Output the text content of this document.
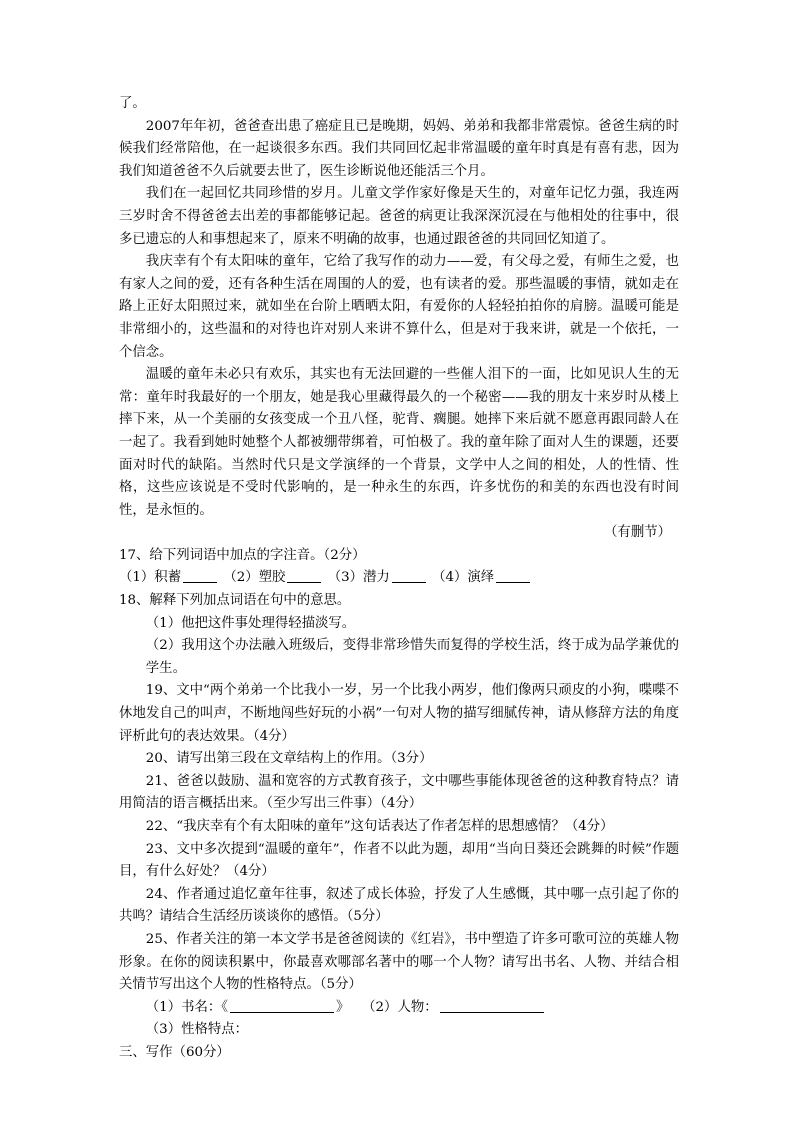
了。

2007年年初，爸爸查出患了癌症且已是晚期，妈妈、弟弟和我都非常震惊。爸爸生病的时候我们经常陪他，在一起谈很多东西。我们共同回忆起非常温暖的童年时真是有喜有悲，因为我们知道爸爸不久后就要去世了，医生诊断说他还能活三个月。

我们在一起回忆共同珍惜的岁月。儿童文学作家好像是天生的，对童年记忆力强，我连两三岁时舍不得爸爸去出差的事都能够记起。爸爸的病更让我深深沉浸在与他相处的往事中，很多已遗忘的人和事想起来了，原来不明确的故事，也通过跟爸爸的共同回忆知道了。

我庆幸有个有太阳味的童年，它给了我写作的动力——爱，有父母之爱，有师生之爱，也有家人之间的爱，还有各种生活在周围的人的爱，也有读者的爱。那些温暖的事情，就如走在路上正好太阳照过来，就如坐在台阶上晒晒太阳，有爱你的人轻轻拍拍你的肩膀。温暖可能是非常细小的，这些温和的对待也许对别人来讲不算什么，但是对于我来讲，就是一个依托，一个信念。

温暖的童年未必只有欢乐，其实也有无法回避的一些催人泪下的一面，比如见识人生的无常：童年时我最好的一个朋友，她是我心里藏得最久的一个秘密——我的朋友十来岁时从楼上摔下来，从一个美丽的女孩变成一个丑八怪，驼背、瘸腿。她摔下来后就不愿意再跟同龄人在一起了。我看到她时她整个人都被绷带绑着，可怕极了。我的童年除了面对人生的课题，还要面对时代的缺陷。当然时代只是文学演绎的一个背景，文学中人之间的相处，人的性情、性格，这些应该说是不受时代影响的，是一种永生的东西，许多忧伤的和美的东西也没有时间性，是永恒的。

（有删节）

17、给下列词语中加点的字注音。（2分）

（1）积蓄	（2）塑胶	（3）潜力	（4）演绎

18、解释下列加点词语在句中的意思。

（1）他把这件事处理得轻描淡写。

（2）我用这个办法融入班级后，变得非常珍惜失而复得的学校生活，终于成为品学兼优的学生。

19、文中“两个弟弟一个比我小一岁，另一个比我小两岁，他们像两只顽皮的小狗，喋喋不休地发自己的叫声，不断地闯些好玩的小祸”一句对人物的描写细腻传神，请从修辞方法的角度评析此句的表达效果。（4分）

20、请写出第三段在文章结构上的作用。（3分）

21、爸爸以鼓励、温和宽容的方式教育孩子，文中哪些事能体现爸爸的这种教育特点？请用简洁的语言概括出来。（至少写出三件事）（4分）

22、“我庆幸有个有太阳味的童年”这句话表达了作者怎样的思想感情？（4分）

23、文中多次提到“温暖的童年”，作者不以此为题，却用“当向日葵还会跳舞的时候”作题目，有什么好处？（4分）

24、作者通过追忆童年往事，叙述了成长体验，抒发了人生感慨，其中哪一点引起了你的共鸣？请结合生活经历谈谈你的感悟。（5分）

25、作者关注的第一本文学书是爸爸阅读的《红岩》，书中塑造了许多可歌可泣的英雄人物形象。在你的阅读积累中，你最喜欢哪部名著中的哪一个人物？请写出书名、人物、并结合相关情节写出这个人物的性格特点。（5分）

（1）书名：《	》 （2）人物：

（3）性格特点：

三、写作（60分）
